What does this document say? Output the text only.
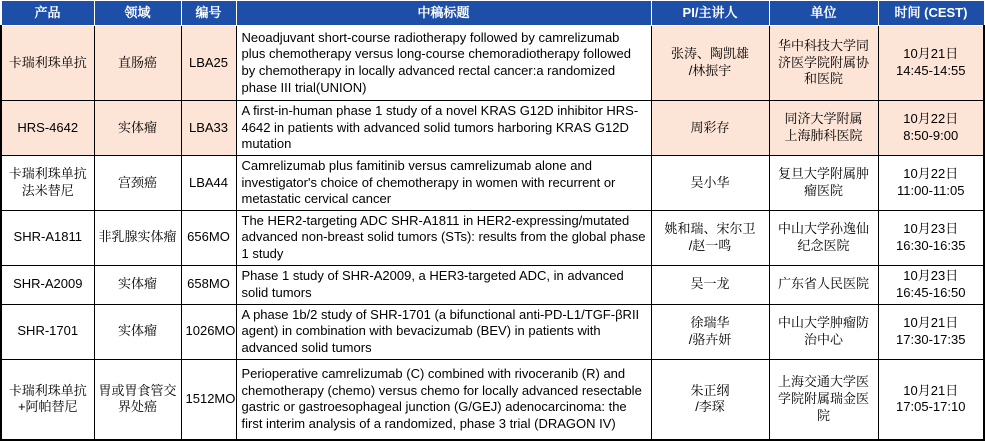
产品	领域	编号	中稿标题	PI/主讲人	单位	时间 (CEST)
卡瑞利珠单抗	直肠癌	LBA25	Neoadjuvant short-course radiotherapy followed by camrelizumab plus chemotherapy versus long-course chemoradiotherapy followed by chemotherapy in locally advanced rectal cancer:a randomized phase III trial(UNION)	张涛、陶凯雄
/林振宇	华中科技大学同
济医学院附属协
和医院	10月21日
14:45-14:55
HRS-4642	实体瘤	LBA33	A first-in-human phase 1 study of a novel KRAS G12D inhibitor HRS-4642 in patients with advanced solid tumors harboring KRAS G12D mutation	周彩存	同济大学附属
上海肺科医院	10月22日
8:50-9:00
卡瑞利珠单抗
法米替尼	宫颈癌	LBA44	Camrelizumab plus famitinib versus camrelizumab alone and investigator's choice of chemotherapy in women with recurrent or metastatic cervical cancer	吴小华	复旦大学附属肿
瘤医院	10月22日
11:00-11:05
SHR-A1811	非乳腺实体瘤	656MO	The HER2-targeting ADC SHR-A1811 in HER2-expressing/mutated advanced non-breast solid tumors (STs): results from the global phase 1 study	姚和瑞、宋尔卫
/赵一鸣	中山大学孙逸仙
纪念医院	10月23日
16:30-16:35
SHR-A2009	实体瘤	658MO	Phase 1 study of SHR-A2009, a HER3-targeted ADC, in advanced solid tumors	吴一龙	广东省人民医院	10月23日
16:45-16:50
SHR-1701	实体瘤	1026MO	A phase 1b/2 study of SHR-1701 (a bifunctional anti-PD-L1/TGF-βRII agent) in combination with bevacizumab (BEV) in patients with advanced solid tumors	徐瑞华
/骆卉妍	中山大学肿瘤防
治中心	10月21日
17:30-17:35
卡瑞利珠单抗
+阿帕替尼	胃或胃食管交
界处癌	1512MO	Perioperative camrelizumab (C) combined with rivoceranib (R) and chemotherapy (chemo) versus chemo for locally advanced resectable gastric or gastroesophageal junction (G/GEJ) adenocarcinoma: the first interim analysis of a randomized, phase 3 trial (DRAGON IV)	朱正纲
/李琛	上海交通大学医
学院附属瑞金医
院	10月21日
17:05-17:10
